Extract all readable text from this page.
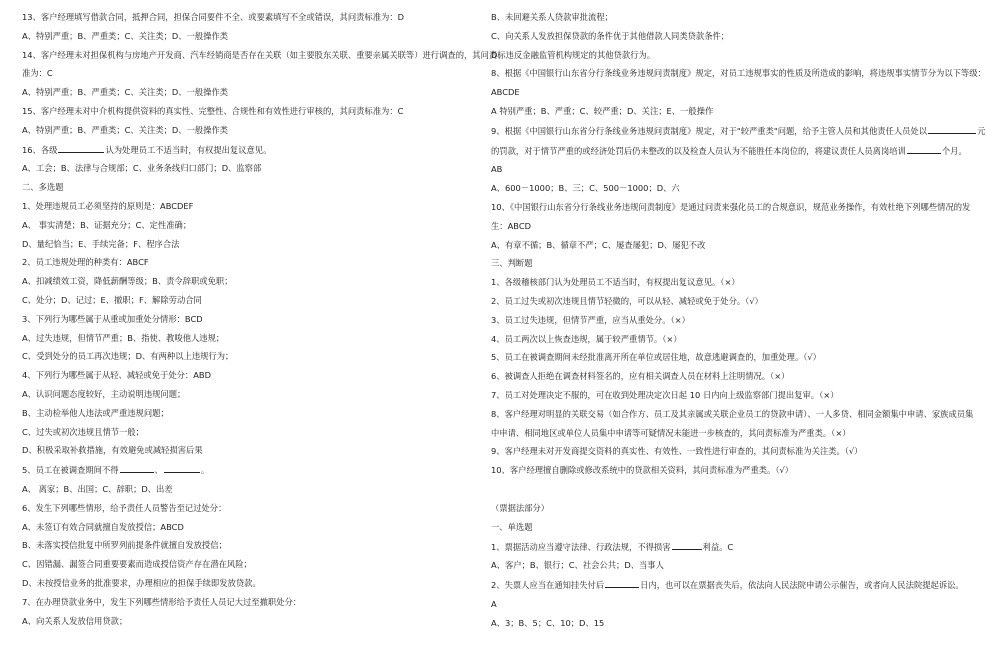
13、客户经理填写借款合同，抵押合同，担保合同要件不全、或要素填写不全或错误，其问责标准为：D
A、特别严重；B、严重类；C、关注类；D、一般操作类
14、客户经理未对担保机构与房地产开发商、汽车经销商是否存在关联（如主要股东关联、重要亲属关联等）进行调查的，其问责标
准为：C
A、特别严重；B、严重类；C、关注类；D、一般操作类
15、客户经理未对中介机构提供资料的真实性、完整性、合规性和有效性进行审核的，其问责标准为：C
A、特别严重；B、严重类；C、关注类；D、一般操作类
16、各级	认为处理员工不适当时，有权提出复议意见。
A、工会；B、法律与合规部；C、业务条线归口部门；D、监察部
二、多选题
1、处理违规员工必须坚持的原则是：ABCDEF
A、 事实清楚；B、证据充分；C、定性准确；
D、量纪恰当；E、手续完备；F、程序合法
2、员工违规处理的种类有：ABCF
A、扣减绩效工资，降低薪酬等级；B、责令辞职或免职；
C、处分；D、记过；E、撤职；F、解除劳动合同
3、下列行为哪些属于从重或加重处分情形：BCD
A、过失违规，但情节严重；B、指使、教唆他人违规；
C、受到处分的员工再次违规；D、有两种以上违规行为；
4、下列行为哪些属于从轻、减轻或免于处分：ABD
A、认识问题态度较好，主动说明违规问题；
B、主动检举他人违法或严重违规问题；
C、过失或初次违规且情节一般；
D、积极采取补救措施，有效避免或减轻损害后果
5、员工在被调查期间不得	、	。
A、 离家；B、出国；C、辞职；D、出差
6、发生下列哪些情形，给予责任人员警告至记过处分：
A、未签订有效合同就擅自发放授信；ABCD
B、未落实授信批复中所罗列前提条件就擅自发放授信；
C、因错漏、漏签合同重要要素而造成授信资产存在潜在风险；
D、未按授信业务的批准要求，办理相应的担保手续即发放贷款。
7、在办理贷款业务中，发生下列哪些情形给予责任人员记大过至撤职处分：
A、向关系人发放信用贷款；
B、未回避关系人贷款审批流程；
C、向关系人发放担保贷款的条件优于其他借款人同类贷款条件；
D、违反金融监管机构规定的其他贷款行为。
8、根据《中国银行山东省分行条线业务违规问责制度》规定，对员工违规事实的性质及所造成的影响，将违规事实情节分为以下等级：
ABCDE
A 特别严重；B、严重；C、较严重；D、关注；E、一般操作
9、根据《中国银行山东省分行条线业务违规问责制度》规定，对于"较严重类"问题，给予主管人员和其他责任人员处以	元
的罚款，对于情节严重的或经济处罚后仍未整改的以及检查人员认为不能胜任本岗位的，将建议责任人员离岗培训	个月。
AB
A、600－1000；B、三；C、500－1000；D、六
10、《中国银行山东省分行条线业务违规问责制度》是通过问责来强化员工的合规意识，规范业务操作，有效杜绝下列哪些情况的发
生：ABCD
A、有章不循；B、循章不严；C、屡查屡犯；D、屡犯不改
三、判断题
1、各级稽核部门认为处理员工不适当时，有权提出复议意见。（×）
2、员工过失或初次违规且情节轻微的，可以从轻、减轻或免于处分。（√）
3、员工过失违规，但情节严重，应当从重处分。（×）
4、员工两次以上恢查违规，属于较严重情节。（×）
5、员工在被调查期间未经批准离开所在单位或居住地，故意逃避调查的，加重处理。（√）
6、被调查人拒绝在调查材料签名的，应有相关调查人员在材料上注明情况。（×）
7、员工对处理决定不服的，可在收到处理决定次日起 10 日内向上级监察部门提出复审。（×）
8、客户经理对明显的关联交易（如合作方、员工及其亲属或关联企业员工的贷款申请）、一人多贷、相同金额集中申请、家族成员集
中申请、相同地区或单位人员集中申请等可疑情况未能进一步核查的，其问责标准为严重类。（×）
9、客户经理未对开发商提交资料的真实性、有效性、一致性进行审查的，其问责标准为关注类。（√）
10、客户经理擅自删除或修改系统中的贷款相关资料，其问责标准为严重类。（√）
（票据法部分）
一、单选题
1、票据活动应当遵守法律、行政法规，不得损害	利益。C
A、客户；B、银行；C、社会公共；D、当事人
2、失票人应当在通知挂失付后	日内，也可以在票据丧失后，依法向人民法院申请公示催告，或者向人民法院提起诉讼。
A
A、3；B、5；C、10；D、15
